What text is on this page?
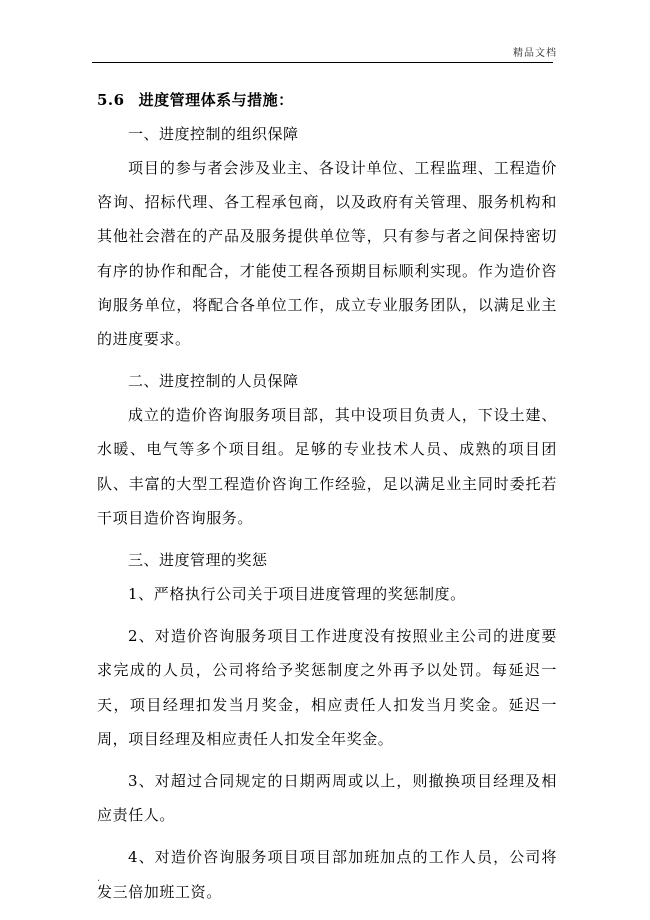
精品文档

5.6 进度管理体系与措施：

一、进度控制的组织保障

项目的参与者会涉及业主、各设计单位、工程监理、工程造价咨询、招标代理、各工程承包商，以及政府有关管理、服务机构和其他社会潜在的产品及服务提供单位等，只有参与者之间保持密切有序的协作和配合，才能使工程各预期目标顺利实现。作为造价咨询服务单位，将配合各单位工作，成立专业服务团队，以满足业主的进度要求。

二、进度控制的人员保障

成立的造价咨询服务项目部，其中设项目负责人，下设土建、水暖、电气等多个项目组。足够的专业技术人员、成熟的项目团队、丰富的大型工程造价咨询工作经验，足以满足业主同时委托若干项目造价咨询服务。

三、进度管理的奖惩

1、严格执行公司关于项目进度管理的奖惩制度。

2、对造价咨询服务项目工作进度没有按照业主公司的进度要求完成的人员，公司将给予奖惩制度之外再予以处罚。每延迟一天，项目经理扣发当月奖金，相应责任人扣发当月奖金。延迟一周，项目经理及相应责任人扣发全年奖金。

3、对超过合同规定的日期两周或以上，则撤换项目经理及相应责任人。

4、对造价咨询服务项目项目部加班加点的工作人员，公司将发三倍加班工资。

.
